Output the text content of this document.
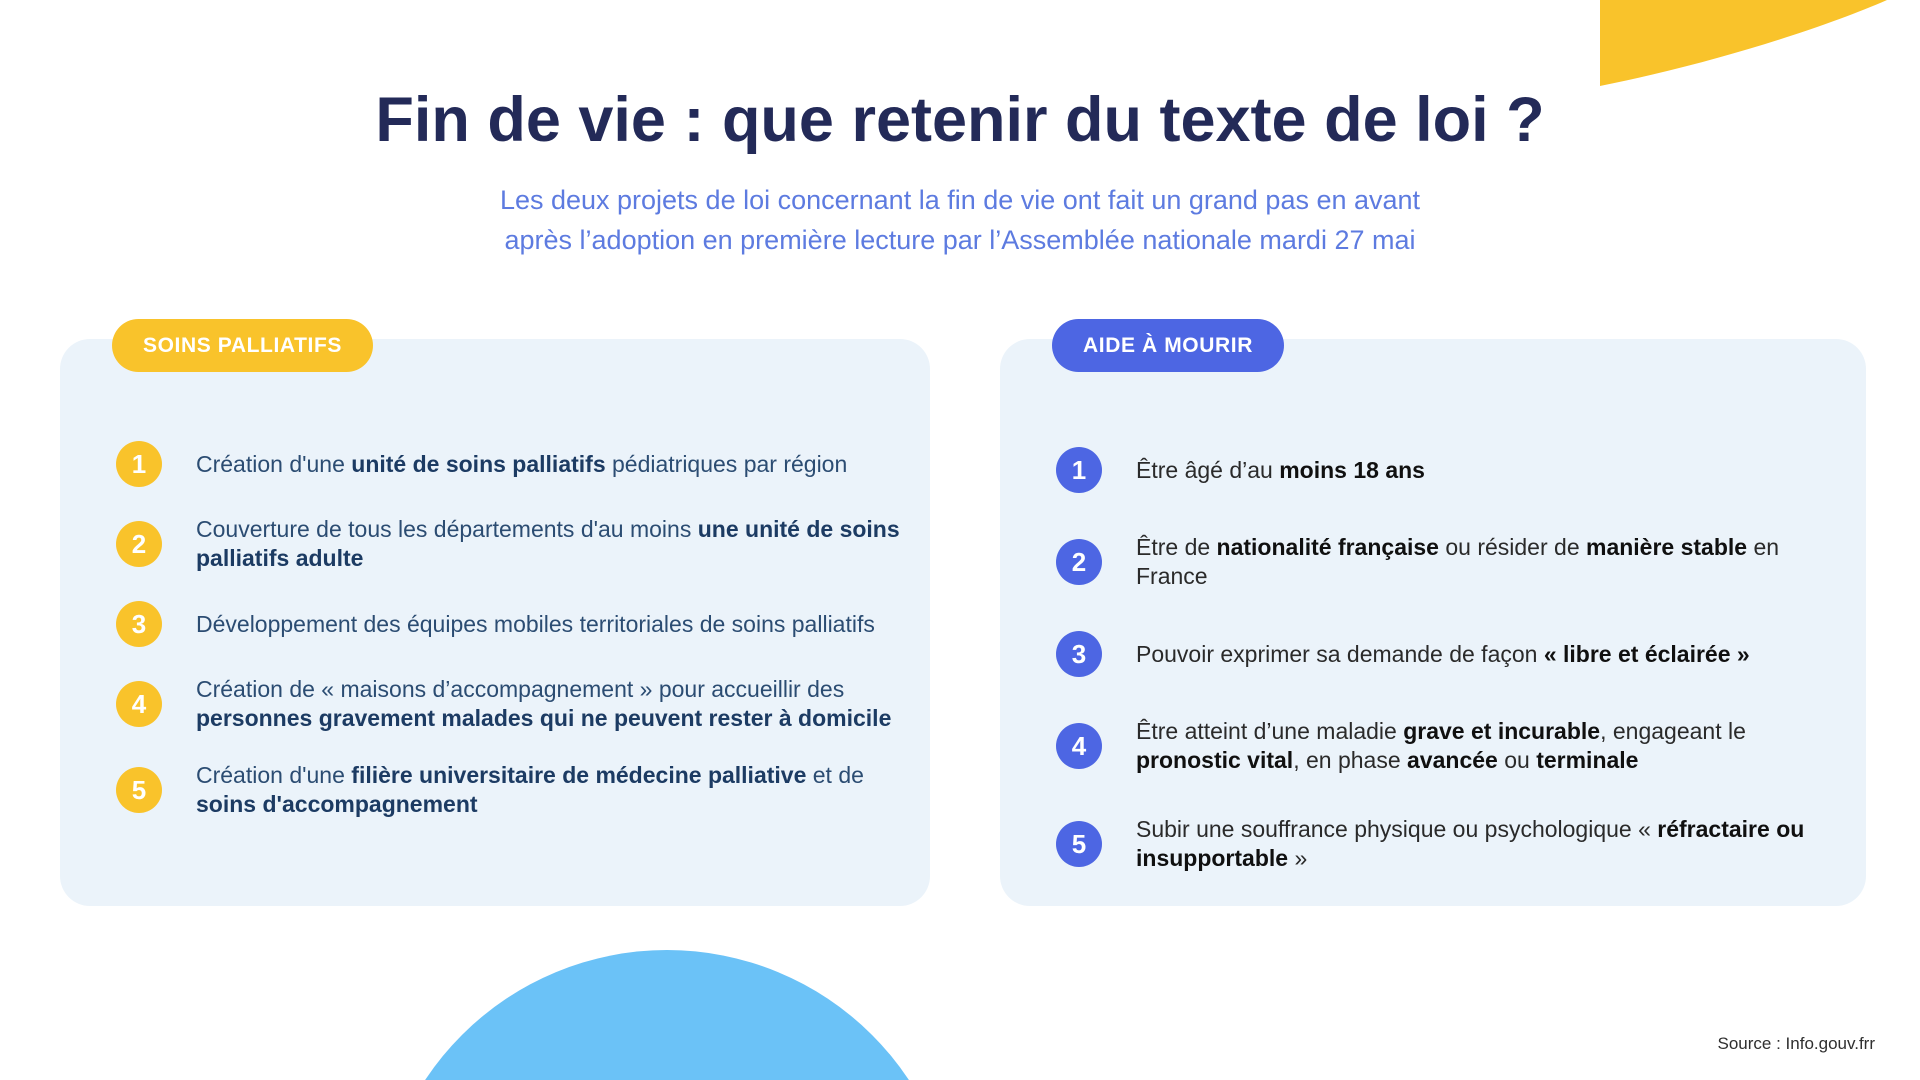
Fin de vie : que retenir du texte de loi ?
Les deux projets de loi concernant la fin de vie ont fait un grand pas en avant
après l’adoption en première lecture par l’Assemblée nationale mardi 27 mai
SOINS PALLIATIFS
1	Création d'une unité de soins palliatifs pédiatriques par région

2	Couverture de tous les départements d'au moins une unité de soins palliatifs adulte

3	Développement des équipes mobiles territoriales de soins palliatifs

4	Création de « maisons d’accompagnement » pour accueillir des personnes gravement malades qui ne peuvent rester à domicile

5	Création d'une filière universitaire de médecine palliative et de soins d'accompagnement

AIDE À MOURIR
1	Être âgé d’au moins 18 ans

2	Être de nationalité française ou résider de manière stable en France

3	Pouvoir exprimer sa demande de façon « libre et éclairée »

4	Être atteint d’une maladie grave et incurable, engageant le pronostic vital, en phase avancée ou terminale

5	Subir une souffrance physique ou psychologique « réfractaire ou insupportable »

Source : Info.gouv.frr
